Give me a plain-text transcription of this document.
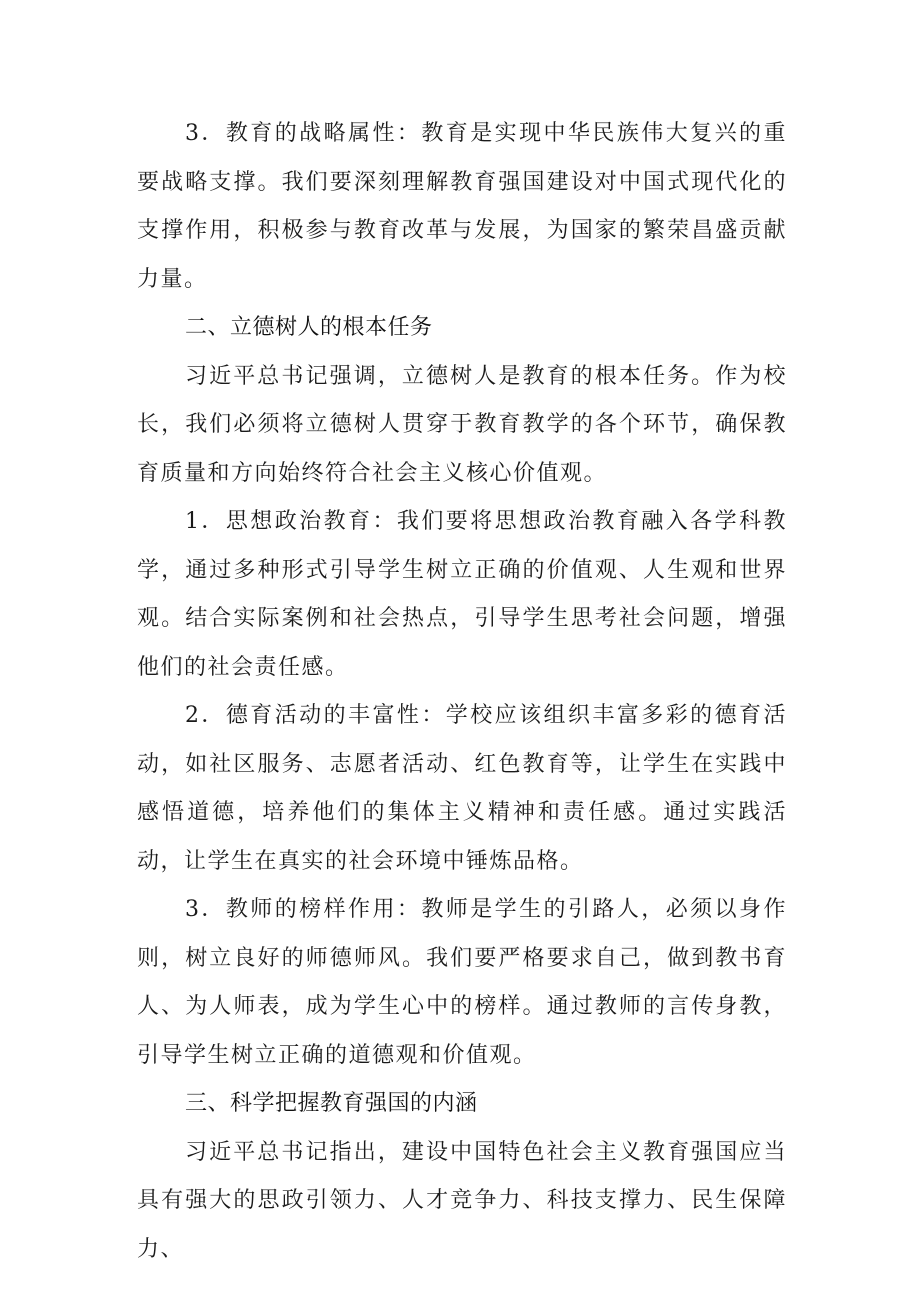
3．教育的战略属性：教育是实现中华民族伟大复兴的重要战略支撑。我们要深刻理解教育强国建设对中国式现代化的支撑作用，积极参与教育改革与发展，为国家的繁荣昌盛贡献力量。

二、立德树人的根本任务

习近平总书记强调，立德树人是教育的根本任务。作为校长，我们必须将立德树人贯穿于教育教学的各个环节，确保教育质量和方向始终符合社会主义核心价值观。

1．思想政治教育：我们要将思想政治教育融入各学科教学，通过多种形式引导学生树立正确的价值观、人生观和世界观。结合实际案例和社会热点，引导学生思考社会问题，增强他们的社会责任感。

2．德育活动的丰富性：学校应该组织丰富多彩的德育活动，如社区服务、志愿者活动、红色教育等，让学生在实践中感悟道德，培养他们的集体主义精神和责任感。通过实践活动，让学生在真实的社会环境中锤炼品格。

3．教师的榜样作用：教师是学生的引路人，必须以身作则，树立良好的师德师风。我们要严格要求自己，做到教书育人、为人师表，成为学生心中的榜样。通过教师的言传身教，引导学生树立正确的道德观和价值观。

三、科学把握教育强国的内涵

习近平总书记指出，建设中国特色社会主义教育强国应当具有强大的思政引领力、人才竞争力、科技支撑力、民生保障力、
